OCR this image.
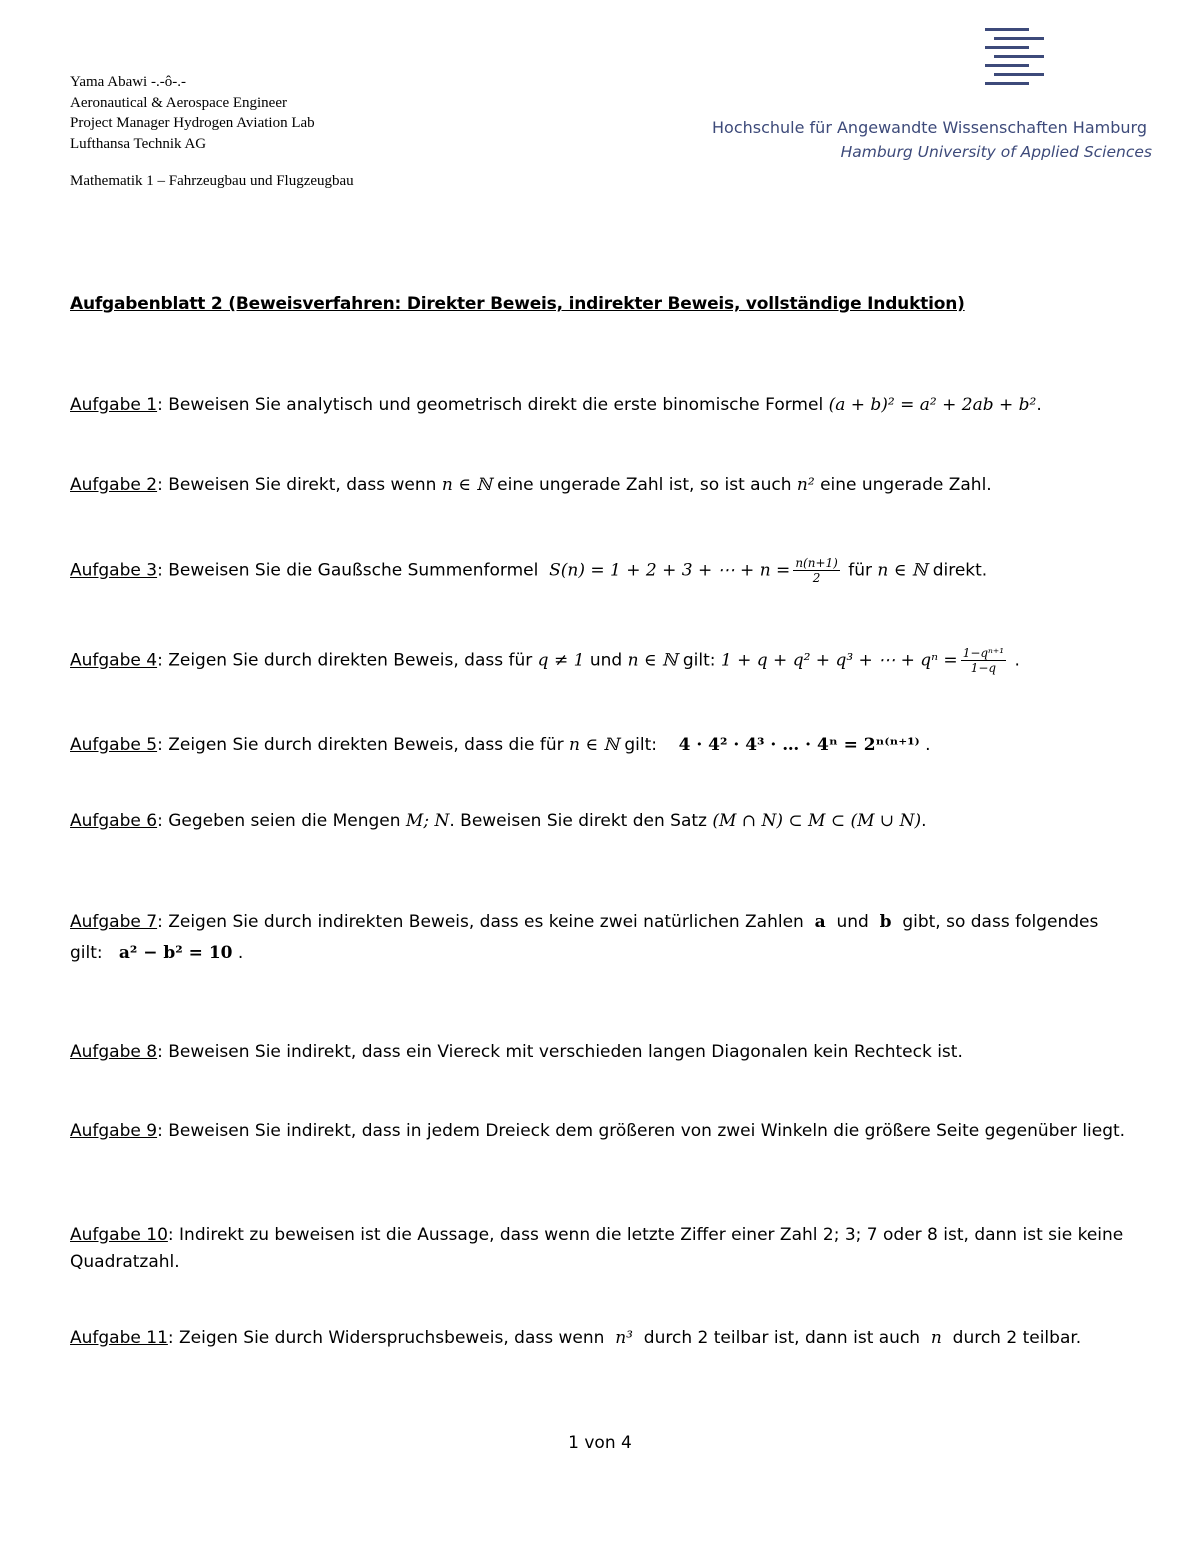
Yama Abawi -.-ô-.-
Aeronautical & Aerospace Engineer
Project Manager Hydrogen Aviation Lab
Lufthansa Technik AG
Mathematik 1 – Fahrzeugbau und Flugzeugbau
Hochschule für Angewandte Wissenschaften Hamburg
Hamburg University of Applied Sciences
Aufgabenblatt 2 (Beweisverfahren: Direkter Beweis, indirekter Beweis, vollständige Induktion)
Aufgabe 1: Beweisen Sie analytisch und geometrisch direkt die erste binomische Formel (a + b)² = a² + 2ab + b².
Aufgabe 2: Beweisen Sie direkt, dass wenn n ∈ ℕ eine ungerade Zahl ist, so ist auch n² eine ungerade Zahl.
Aufgabe 3: Beweisen Sie die Gaußsche Summenformel S(n) = 1 + 2 + 3 + ⋯ + $n = \frac{n(n+1)}{2}$ für n ∈ ℕ direkt.
Aufgabe 4: Zeigen Sie durch direkten Beweis, dass für q ≠ 1 und n ∈ ℕ gilt: 1 + q + q² + q³ + ⋯ + $q^n = \frac{\text{1−qⁿ⁺¹}}{1-q}$ .
Aufgabe 5: Zeigen Sie durch direkten Beweis, dass die für n ∈ ℕ gilt: 4 · 4² · 4³ · … · 4ⁿ = 2ⁿ⁽ⁿ⁺¹⁾ .
Aufgabe 6: Gegeben seien die Mengen M; N. Beweisen Sie direkt den Satz (M ∩ N) ⊂ M ⊂ (M ∪ N).
Aufgabe 7: Zeigen Sie durch indirekten Beweis, dass es keine zwei natürlichen Zahlen a und b gibt, so dass folgendes gilt: a² − b² = 10 .
Aufgabe 8: Beweisen Sie indirekt, dass ein Viereck mit verschieden langen Diagonalen kein Rechteck ist.
Aufgabe 9: Beweisen Sie indirekt, dass in jedem Dreieck dem größeren von zwei Winkeln die größere Seite gegenüber liegt.
Aufgabe 10: Indirekt zu beweisen ist die Aussage, dass wenn die letzte Ziffer einer Zahl 2; 3; 7 oder 8 ist, dann ist sie keine Quadratzahl.
Aufgabe 11: Zeigen Sie durch Widerspruchsbeweis, dass wenn n³ durch 2 teilbar ist, dann ist auch n durch 2 teilbar.
1 von 4
